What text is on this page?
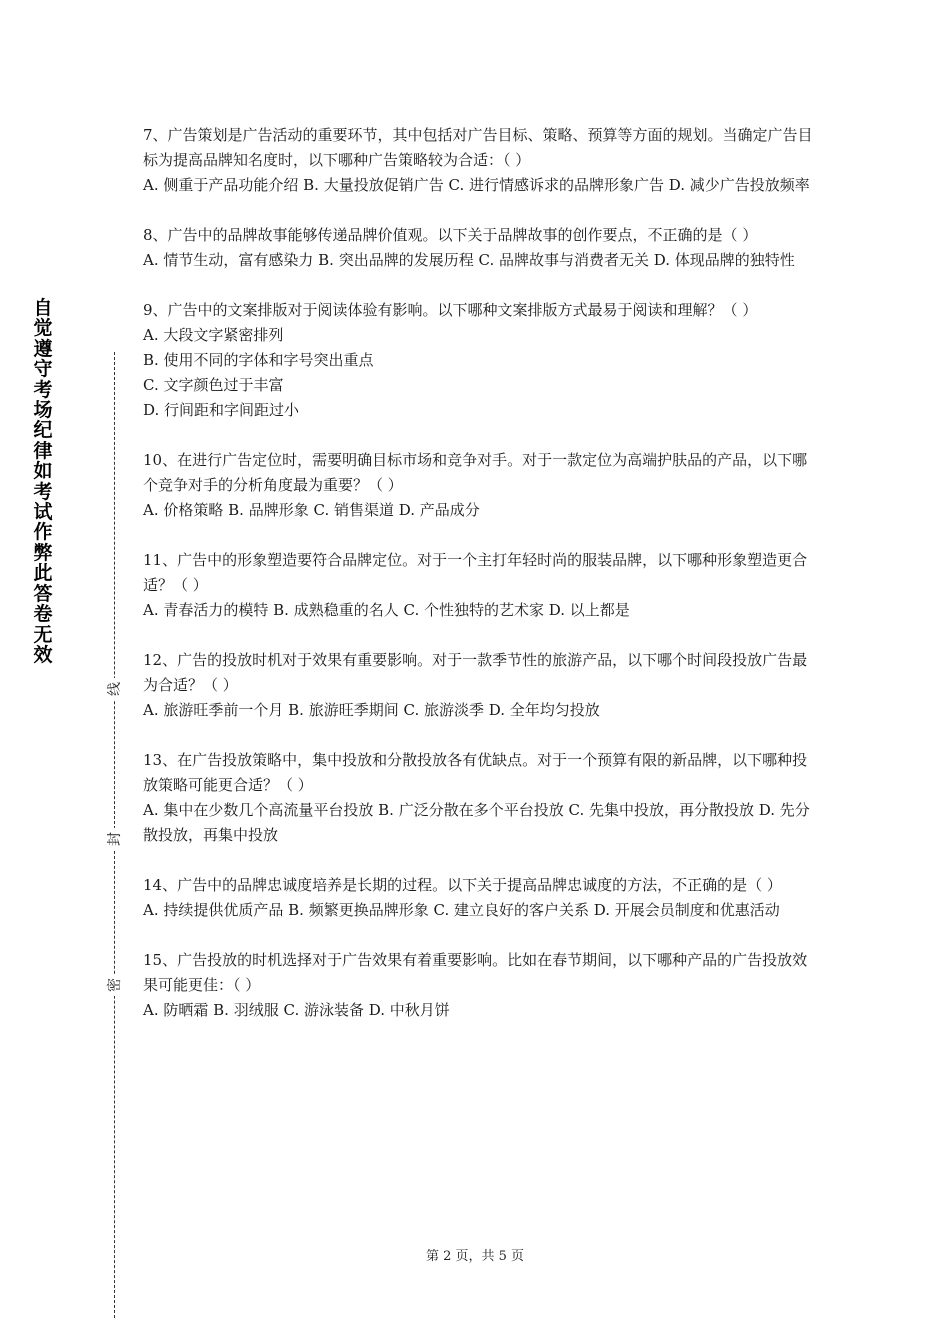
自觉遵守考场纪律如考试作弊此答卷无效
线
封
密

7、广告策划是广告活动的重要环节，其中包括对广告目标、策略、预算等方面的规划。当确定广告目标为提高品牌知名度时，以下哪种广告策略较为合适：（ ）

A. 侧重于产品功能介绍 B. 大量投放促销广告 C. 进行情感诉求的品牌形象广告 D. 减少广告投放频率

8、广告中的品牌故事能够传递品牌价值观。以下关于品牌故事的创作要点，不正确的是（ ）

A. 情节生动，富有感染力 B. 突出品牌的发展历程 C. 品牌故事与消费者无关 D. 体现品牌的独特性

9、广告中的文案排版对于阅读体验有影响。以下哪种文案排版方式最易于阅读和理解？（ ）

A. 大段文字紧密排列
B. 使用不同的字体和字号突出重点
C. 文字颜色过于丰富
D. 行间距和字间距过小

10、在进行广告定位时，需要明确目标市场和竞争对手。对于一款定位为高端护肤品的产品，以下哪个竞争对手的分析角度最为重要？（ ）

A. 价格策略 B. 品牌形象 C. 销售渠道 D. 产品成分

11、广告中的形象塑造要符合品牌定位。对于一个主打年轻时尚的服装品牌，以下哪种形象塑造更合适？（ ）

A. 青春活力的模特 B. 成熟稳重的名人 C. 个性独特的艺术家 D. 以上都是

12、广告的投放时机对于效果有重要影响。对于一款季节性的旅游产品，以下哪个时间段投放广告最为合适？（ ）

A. 旅游旺季前一个月 B. 旅游旺季期间 C. 旅游淡季 D. 全年均匀投放

13、在广告投放策略中，集中投放和分散投放各有优缺点。对于一个预算有限的新品牌，以下哪种投放策略可能更合适？（ ）

A. 集中在少数几个高流量平台投放 B. 广泛分散在多个平台投放 C. 先集中投放，再分散投放 D. 先分散投放，再集中投放

14、广告中的品牌忠诚度培养是长期的过程。以下关于提高品牌忠诚度的方法，不正确的是（ ）

A. 持续提供优质产品 B. 频繁更换品牌形象 C. 建立良好的客户关系 D. 开展会员制度和优惠活动

15、广告投放的时机选择对于广告效果有着重要影响。比如在春节期间，以下哪种产品的广告投放效果可能更佳：（ ）

A. 防晒霜 B. 羽绒服 C. 游泳装备 D. 中秋月饼

第 2 页，共 5 页
